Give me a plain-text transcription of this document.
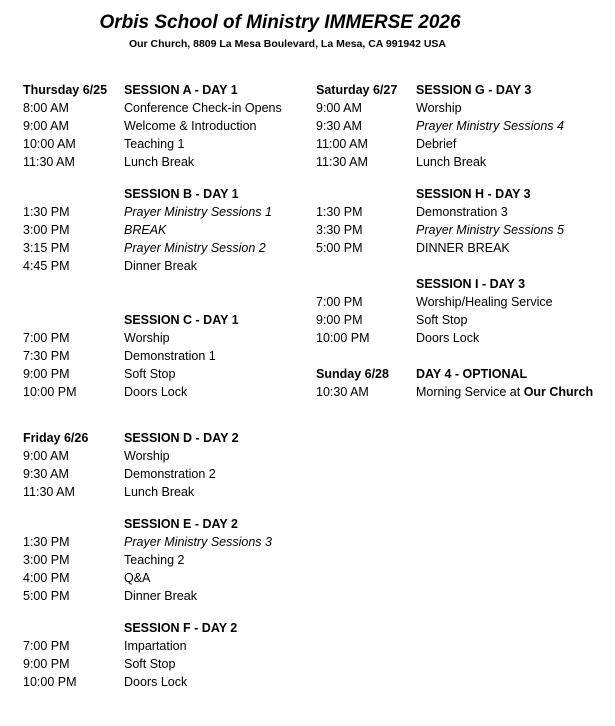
Orbis School of Ministry IMMERSE 2026
Our Church, 8809 La Mesa Boulevard, La Mesa, CA 991942 USA
Thursday 6/25 SESSION A - DAY 1
8:00 AM	Conference Check-in Opens
9:00 AM	Welcome & Introduction
10:00 AM	Teaching 1
11:30 AM	Lunch Break
SESSION B - DAY 1
1:30 PM	Prayer Ministry Sessions 1
3:00 PM	BREAK
3:15 PM	Prayer Ministry Session 2
4:45 PM	Dinner Break
SESSION C - DAY 1
7:00 PM	Worship
7:30 PM	Demonstration 1
9:00 PM	Soft Stop
10:00 PM	Doors Lock
Friday 6/26	SESSION D - DAY 2
9:00 AM	Worship
9:30 AM	Demonstration 2
11:30 AM	Lunch Break
SESSION E - DAY 2
1:30 PM	Prayer Ministry Sessions 3
3:00 PM	Teaching 2
4:00 PM	Q&A
5:00 PM	Dinner Break
SESSION F - DAY 2
7:00 PM	Impartation
9:00 PM	Soft Stop
10:00 PM	Doors Lock
Saturday 6/27 SESSION G - DAY 3
9:00 AM	Worship
9:30 AM	Prayer Ministry Sessions 4
11:00 AM	Debrief
11:30 AM	Lunch Break
SESSION H - DAY 3
1:30 PM	Demonstration 3
3:30 PM	Prayer Ministry Sessions 5
5:00 PM	DINNER BREAK
SESSION I - DAY 3
7:00 PM	Worship/Healing Service
9:00 PM	Soft Stop
10:00 PM	Doors Lock
Sunday 6/28 DAY 4 - OPTIONAL
10:30 AM	Morning Service at Our Church
